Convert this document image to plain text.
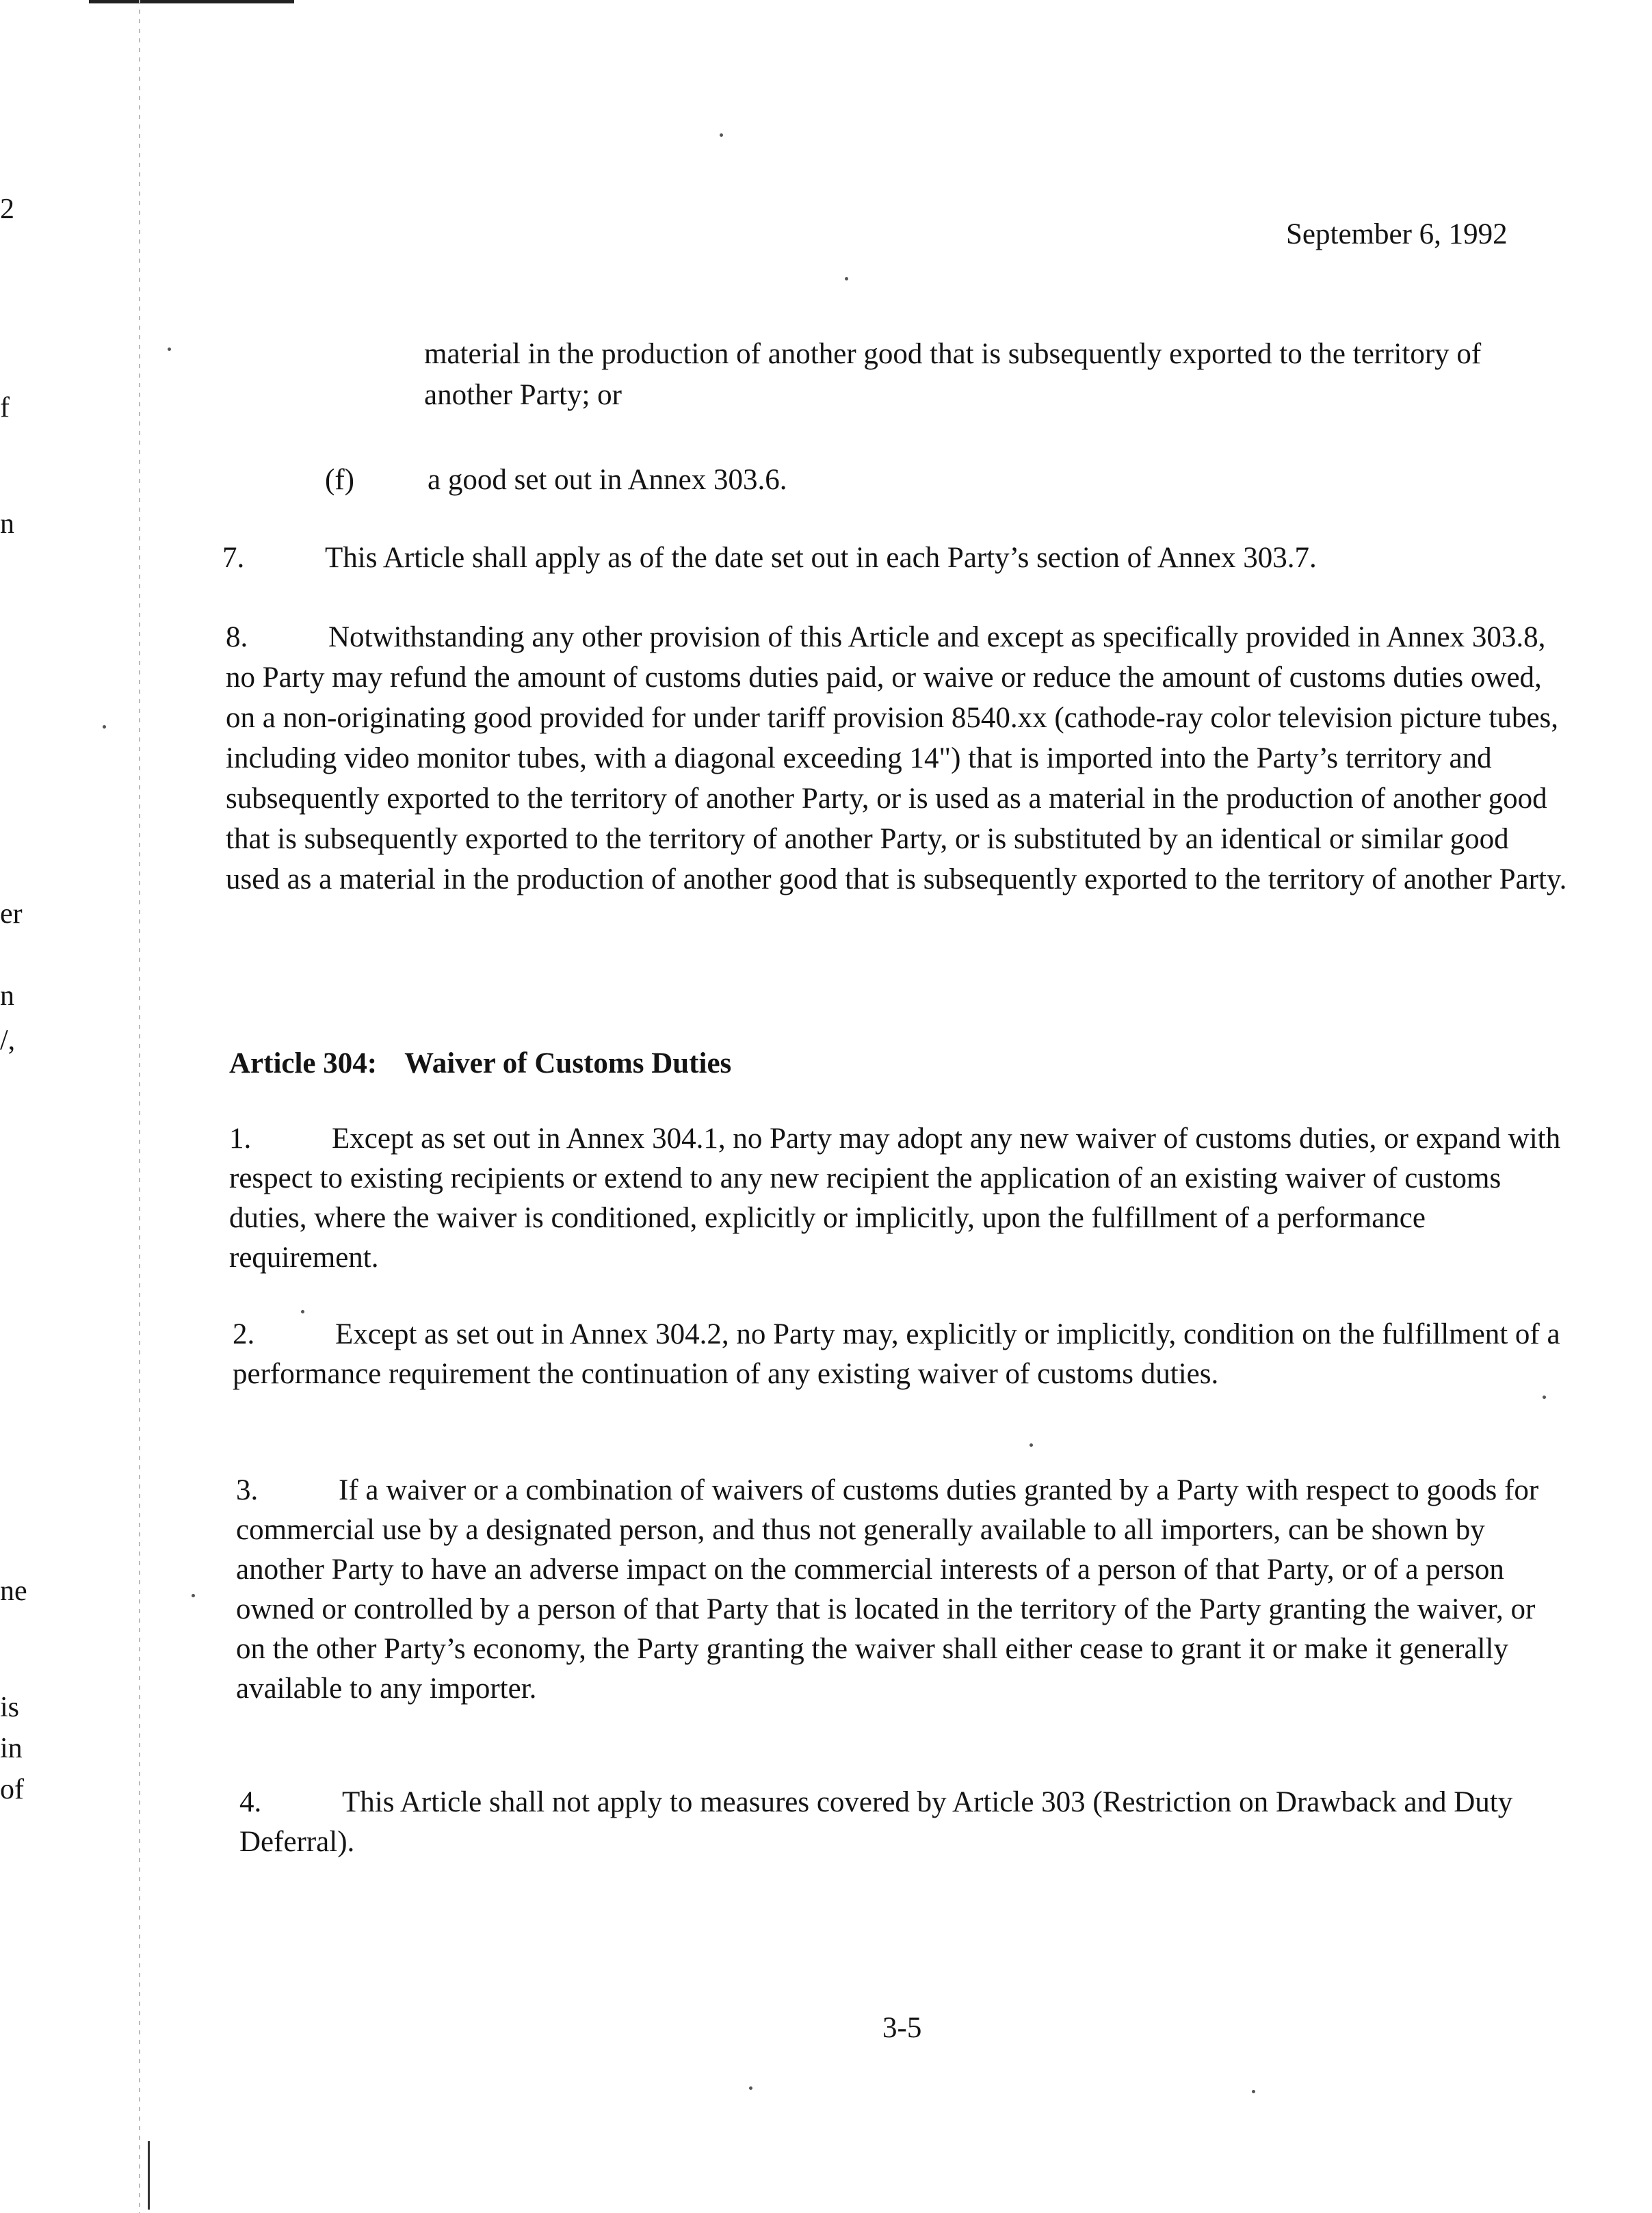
2
f
n
er
n
/,
ne
is
in
of
September 6, 1992

material in the production of another good that is subsequently exported to the territory of another Party; or

(f) a good set out in Annex 303.6.
7.	This Article shall apply as of the date set out in each Party’s section of Annex 303.7.

8.	Notwithstanding any other provision of this Article and except as specifically provided in Annex 303.8, no Party may refund the amount of customs duties paid, or waive or reduce the amount of customs duties owed, on a non-originating good provided for under tariff provision 8540.xx (cathode-ray color television picture tubes, including video monitor tubes, with a diagonal exceeding 14") that is imported into the Party’s territory and subsequently exported to the territory of another Party, or is used as a material in the production of another good that is subsequently exported to the territory of another Party, or is substituted by an identical or similar good used as a material in the production of another good that is subsequently exported to the territory of another Party.

Article 304: Waiver of Customs Duties

1.	Except as set out in Annex 304.1, no Party may adopt any new waiver of customs duties, or expand with respect to existing recipients or extend to any new recipient the application of an existing waiver of customs duties, where the waiver is conditioned, explicitly or implicitly, upon the fulfillment of a performance requirement.

2.	Except as set out in Annex 304.2, no Party may, explicitly or implicitly, condition on the fulfillment of a performance requirement the continuation of any existing waiver of customs duties.

3.	If a waiver or a combination of waivers of customs duties granted by a Party with respect to goods for commercial use by a designated person, and thus not generally available to all importers, can be shown by another Party to have an adverse impact on the commercial interests of a person of that Party, or of a person owned or controlled by a person of that Party that is located in the territory of the Party granting the waiver, or on the other Party’s economy, the Party granting the waiver shall either cease to grant it or make it generally available to any importer.

4.	This Article shall not apply to measures covered by Article 303 (Restriction on Drawback and Duty Deferral).

3-5
